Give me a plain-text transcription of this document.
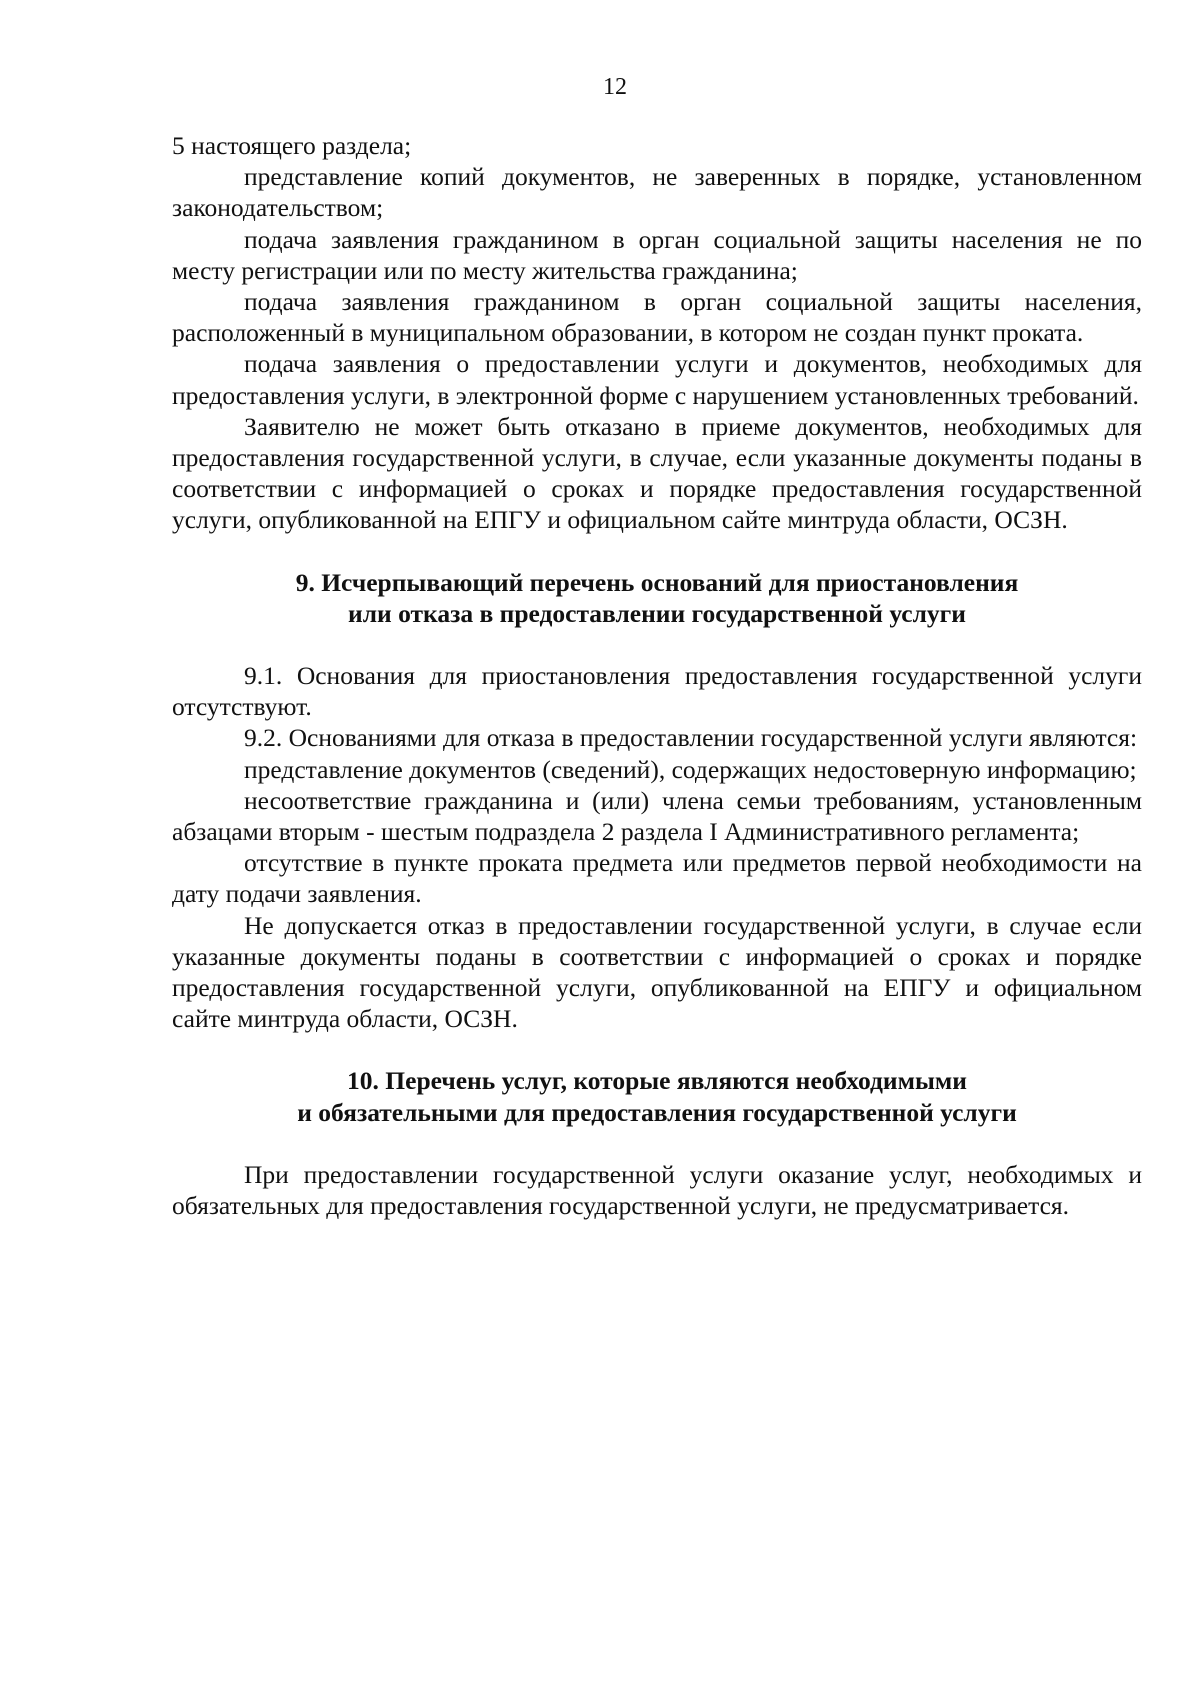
12

5 настоящего раздела;

представление копий документов, не заверенных в порядке, установленном законодательством;

подача заявления гражданином в орган социальной защиты населения не по месту регистрации или по месту жительства гражданина;

подача заявления гражданином в орган социальной защиты населения, расположенный в муниципальном образовании, в котором не создан пункт проката.

подача заявления о предоставлении услуги и документов, необходимых для предоставления услуги, в электронной форме с нарушением установленных требований.

Заявителю не может быть отказано в приеме документов, необходимых для предоставления государственной услуги, в случае, если указанные документы поданы в соответствии с информацией о сроках и порядке предоставления государственной услуги, опубликованной на ЕПГУ и официальном сайте минтруда области, ОСЗН.

9. Исчерпывающий перечень оснований для приостановления
или отказа в предоставлении государственной услуги

9.1. Основания для приостановления предоставления государственной услуги отсутствуют.

9.2. Основаниями для отказа в предоставлении государственной услуги являются:

представление документов (сведений), содержащих недостоверную информацию;

несоответствие гражданина и (или) члена семьи требованиям, установленным абзацами вторым - шестым подраздела 2 раздела I Административного регламента;

отсутствие в пункте проката предмета или предметов первой необходимости на дату подачи заявления.

Не допускается отказ в предоставлении государственной услуги, в случае если указанные документы поданы в соответствии с информацией о сроках и порядке предоставления государственной услуги, опубликованной на ЕПГУ и официальном сайте минтруда области, ОСЗН.

10. Перечень услуг, которые являются необходимыми
и обязательными для предоставления государственной услуги

При предоставлении государственной услуги оказание услуг, необходимых и обязательных для предоставления государственной услуги, не предусматривается.
